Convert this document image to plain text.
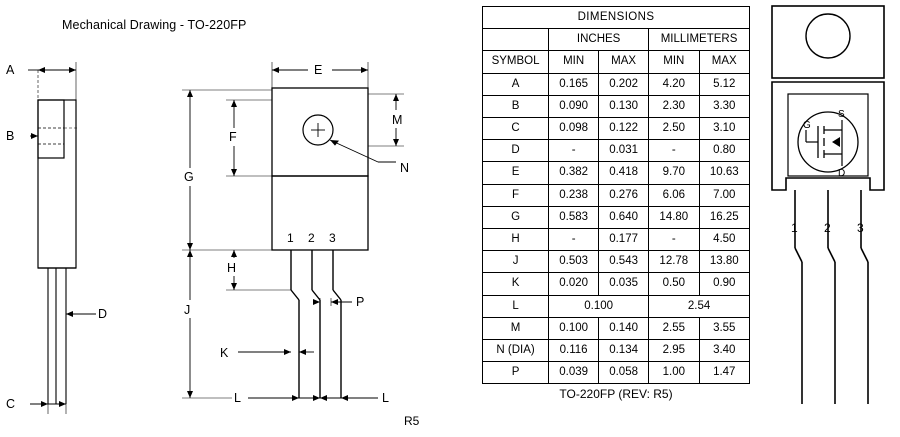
Mechanical Drawing - TO-220FP
R5
A
B
C
D
1 2 3
E
M
N
F
G
H
J
K
P
L	L
DIMENSIONS				
	INCHES		MILLIMETERS	
SYMBOL	MIN	MAX	MIN	MAX
A	0.165	0.202	4.20	5.12
B	0.090	0.130	2.30	3.30
C	0.098	0.122	2.50	3.10
D	-	0.031	-	0.80
E	0.382	0.418	9.70	10.63
F	0.238	0.276	6.06	7.00
G	0.583	0.640	14.80	16.25
H	-	0.177	-	4.50
J	0.503	0.543	12.78	13.80
K	0.020	0.035	0.50	0.90
L	0.100		2.54	
M	0.100	0.140	2.55	3.55
N (DIA)	0.116	0.134	2.95	3.40
P	0.039	0.058	1.00	1.47
TO-220FP (REV: R5)
G
S
D
1 2 3
